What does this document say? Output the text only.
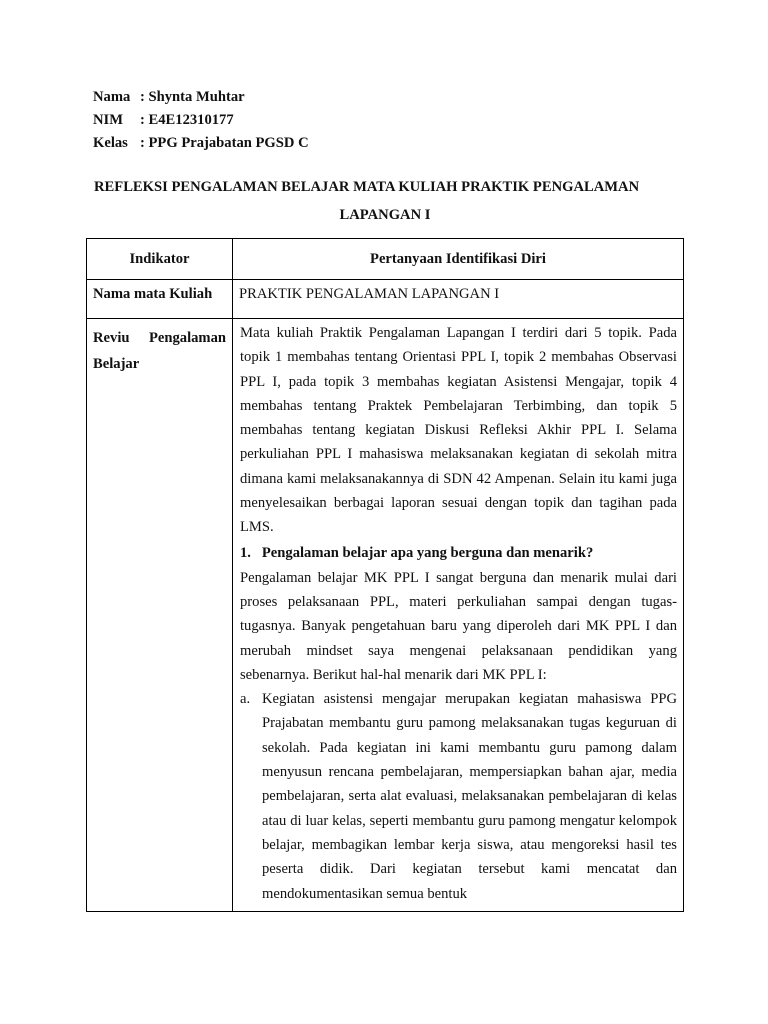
Nama : Shynta Muhtar
NIM : E4E12310177
Kelas : PPG Prajabatan PGSD C
REFLEKSI PENGALAMAN BELAJAR MATA KULIAH PRAKTIK PENGALAMAN
LAPANGAN I
Indikator	Pertanyaan Identifikasi Diri
Nama mata Kuliah	PRAKTIK PENGALAMAN LAPANGAN I
Reviu Pengalaman Belajar	Mata kuliah Praktik Pengalaman Lapangan I terdiri dari 5 topik. Pada topik 1 membahas tentang Orientasi PPL I, topik 2 membahas Observasi PPL I, pada topik 3 membahas kegiatan Asistensi Mengajar, topik 4 membahas tentang Praktek Pembelajaran Terbimbing, dan topik 5 membahas tentang kegiatan Diskusi Refleksi Akhir PPL I. Selama perkuliahan PPL I mahasiswa melaksanakan kegiatan di sekolah mitra dimana kami melaksanakannya di SDN 42 Ampenan. Selain itu kami juga menyelesaikan berbagai laporan sesuai dengan topik dan tagihan pada LMS.

1.   Pengalaman belajar apa yang berguna dan menarik?

Pengalaman belajar MK PPL I sangat berguna dan menarik mulai dari proses pelaksanaan PPL, materi perkuliahan sampai dengan tugas-tugasnya. Banyak pengetahuan baru yang diperoleh dari MK PPL I dan merubah mindset saya mengenai pelaksanaan pendidikan yang sebenarnya. Berikut hal-hal menarik dari MK PPL I:

a. Kegiatan asistensi mengajar merupakan kegiatan mahasiswa PPG Prajabatan membantu guru pamong melaksanakan tugas keguruan di sekolah. Pada kegiatan ini kami membantu guru pamong dalam menyusun rencana pembelajaran, mempersiapkan bahan ajar, media pembelajaran, serta alat evaluasi, melaksanakan pembelajaran di kelas atau di luar kelas, seperti membantu guru pamong mengatur kelompok belajar, membagikan lembar kerja siswa, atau mengoreksi hasil tes peserta didik. Dari kegiatan tersebut kami mencatat dan mendokumentasikan semua bentuk
